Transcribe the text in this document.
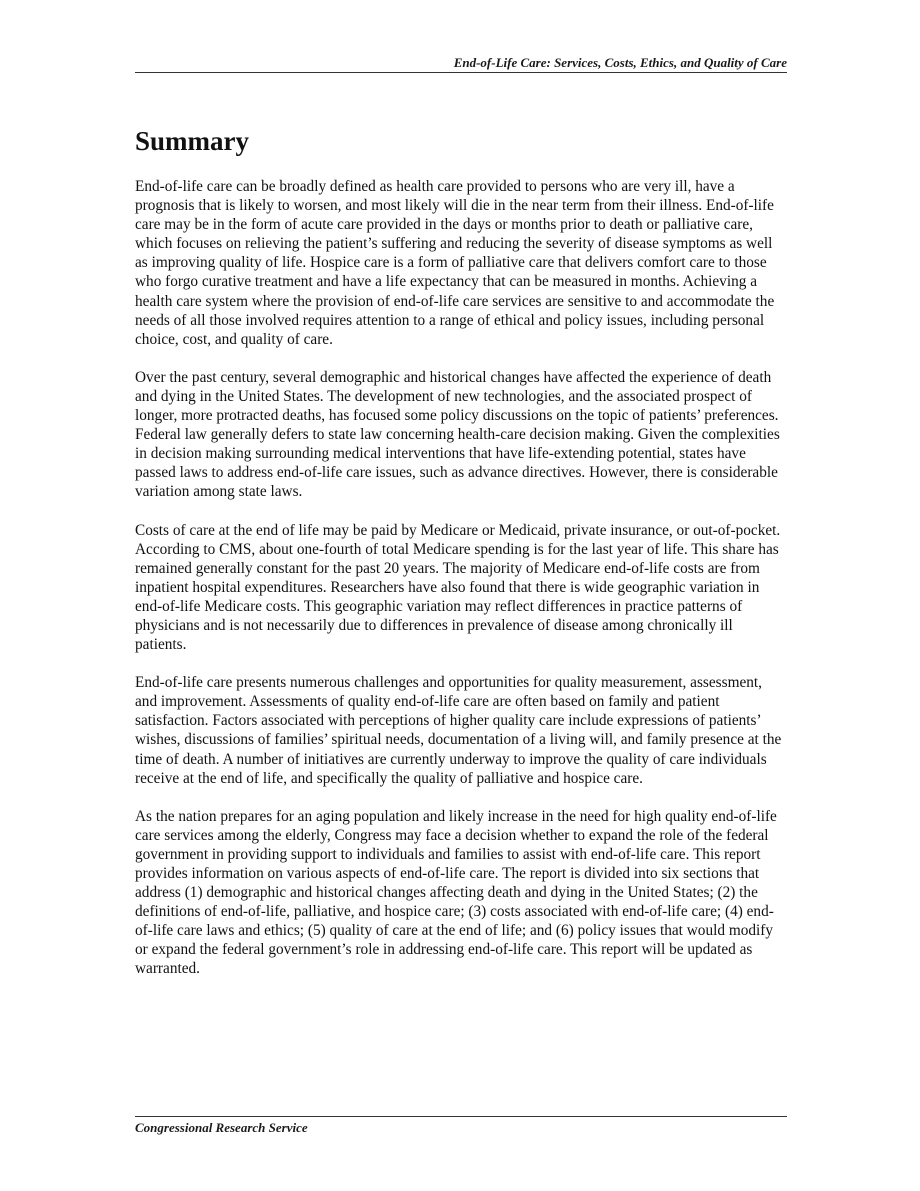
End-of-Life Care: Services, Costs, Ethics, and Quality of Care
Summary

End-of-life care can be broadly defined as health care provided to persons who are very ill, have a prognosis that is likely to worsen, and most likely will die in the near term from their illness. End-of-life care may be in the form of acute care provided in the days or months prior to death or palliative care, which focuses on relieving the patient’s suffering and reducing the severity of disease symptoms as well as improving quality of life. Hospice care is a form of palliative care that delivers comfort care to those who forgo curative treatment and have a life expectancy that can be measured in months. Achieving a health care system where the provision of end-of-life care services are sensitive to and accommodate the needs of all those involved requires attention to a range of ethical and policy issues, including personal choice, cost, and quality of care.

Over the past century, several demographic and historical changes have affected the experience of death and dying in the United States. The development of new technologies, and the associated prospect of longer, more protracted deaths, has focused some policy discussions on the topic of patients’ preferences. Federal law generally defers to state law concerning health-care decision making. Given the complexities in decision making surrounding medical interventions that have life-extending potential, states have passed laws to address end-of-life care issues, such as advance directives. However, there is considerable variation among state laws.

Costs of care at the end of life may be paid by Medicare or Medicaid, private insurance, or out-of-pocket. According to CMS, about one-fourth of total Medicare spending is for the last year of life. This share has remained generally constant for the past 20 years. The majority of Medicare end-of-life costs are from inpatient hospital expenditures. Researchers have also found that there is wide geographic variation in end-of-life Medicare costs. This geographic variation may reflect differences in practice patterns of physicians and is not necessarily due to differences in prevalence of disease among chronically ill patients.

End-of-life care presents numerous challenges and opportunities for quality measurement, assessment, and improvement. Assessments of quality end-of-life care are often based on family and patient satisfaction. Factors associated with perceptions of higher quality care include expressions of patients’ wishes, discussions of families’ spiritual needs, documentation of a living will, and family presence at the time of death. A number of initiatives are currently underway to improve the quality of care individuals receive at the end of life, and specifically the quality of palliative and hospice care.

As the nation prepares for an aging population and likely increase in the need for high quality end-of-life care services among the elderly, Congress may face a decision whether to expand the role of the federal government in providing support to individuals and families to assist with end-of-life care. This report provides information on various aspects of end-of-life care. The report is divided into six sections that address (1) demographic and historical changes affecting death and dying in the United States; (2) the definitions of end-of-life, palliative, and hospice care; (3) costs associated with end-of-life care; (4) end-of-life care laws and ethics; (5) quality of care at the end of life; and (6) policy issues that would modify or expand the federal government’s role in addressing end-of-life care. This report will be updated as warranted.

Congressional Research Service
